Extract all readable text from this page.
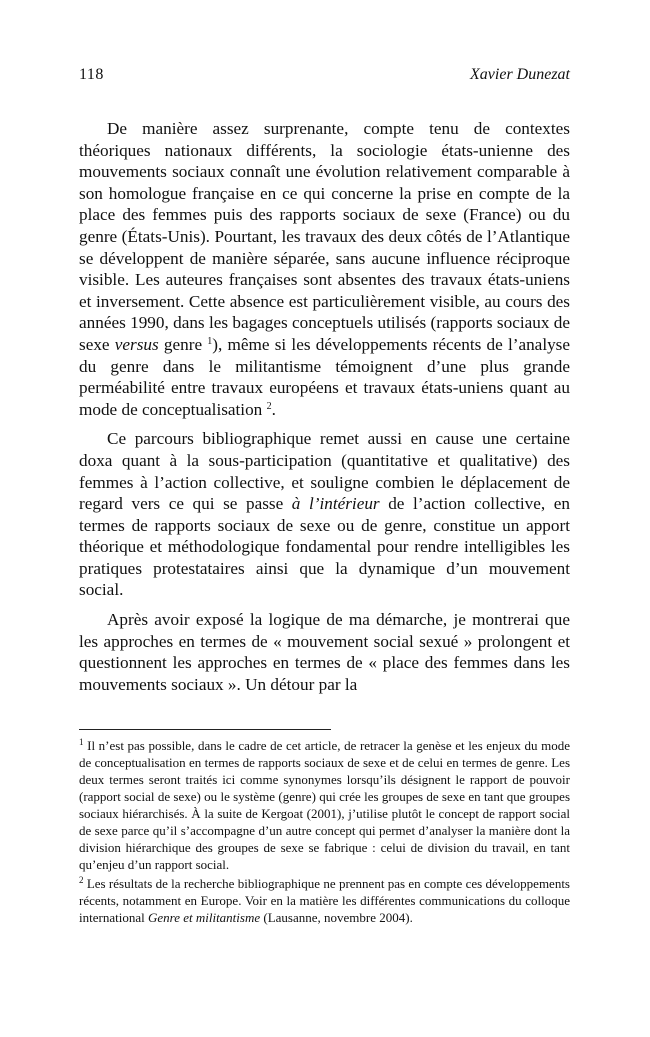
118	Xavier Dunezat

De manière assez surprenante, compte tenu de contextes théoriques nationaux différents, la sociologie états-unienne des mouvements sociaux connaît une évolution relativement comparable à son homologue française en ce qui concerne la prise en compte de la place des femmes puis des rapports sociaux de sexe (France) ou du genre (États-Unis). Pourtant, les travaux des deux côtés de l’Atlantique se développent de manière séparée, sans aucune influence réciproque visible. Les auteures françaises sont absentes des travaux états-uniens et inversement. Cette absence est particulièrement visible, au cours des années 1990, dans les bagages conceptuels utilisés (rapports sociaux de sexe versus genre $^1$), même si les développements récents de l’analyse du genre dans le militantisme témoignent d’une plus grande perméabilité entre travaux européens et travaux états-uniens quant au mode de conceptualisation $^2$.

Ce parcours bibliographique remet aussi en cause une certaine doxa quant à la sous-participation (quantitative et qualitative) des femmes à l’action collective, et souligne combien le déplacement de regard vers ce qui se passe à l’intérieur de l’action collective, en termes de rapports sociaux de sexe ou de genre, constitue un apport théorique et méthodologique fondamental pour rendre intelligibles les pratiques protestataires ainsi que la dynamique d’un mouvement social.

Après avoir exposé la logique de ma démarche, je montrerai que les approches en termes de « mouvement social sexué » prolongent et questionnent les approches en termes de « place des femmes dans les mouvements sociaux ». Un détour par la

$^1$ Il n’est pas possible, dans le cadre de cet article, de retracer la genèse et les enjeux du mode de conceptualisation en termes de rapports sociaux de sexe et de celui en termes de genre. Les deux termes seront traités ici comme synonymes lorsqu’ils désignent le rapport de pouvoir (rapport social de sexe) ou le système (genre) qui crée les groupes de sexe en tant que groupes sociaux hiérarchisés. À la suite de Kergoat (2001), j’utilise plutôt le concept de rapport social de sexe parce qu’il s’accompagne d’un autre concept qui permet d’analyser la manière dont la division hiérarchique des groupes de sexe se fabrique : celui de division du travail, en tant qu’enjeu d’un rapport social.

$^2$ Les résultats de la recherche bibliographique ne prennent pas en compte ces développements récents, notamment en Europe. Voir en la matière les différentes communications du colloque international Genre et militantisme (Lausanne, novembre 2004).
